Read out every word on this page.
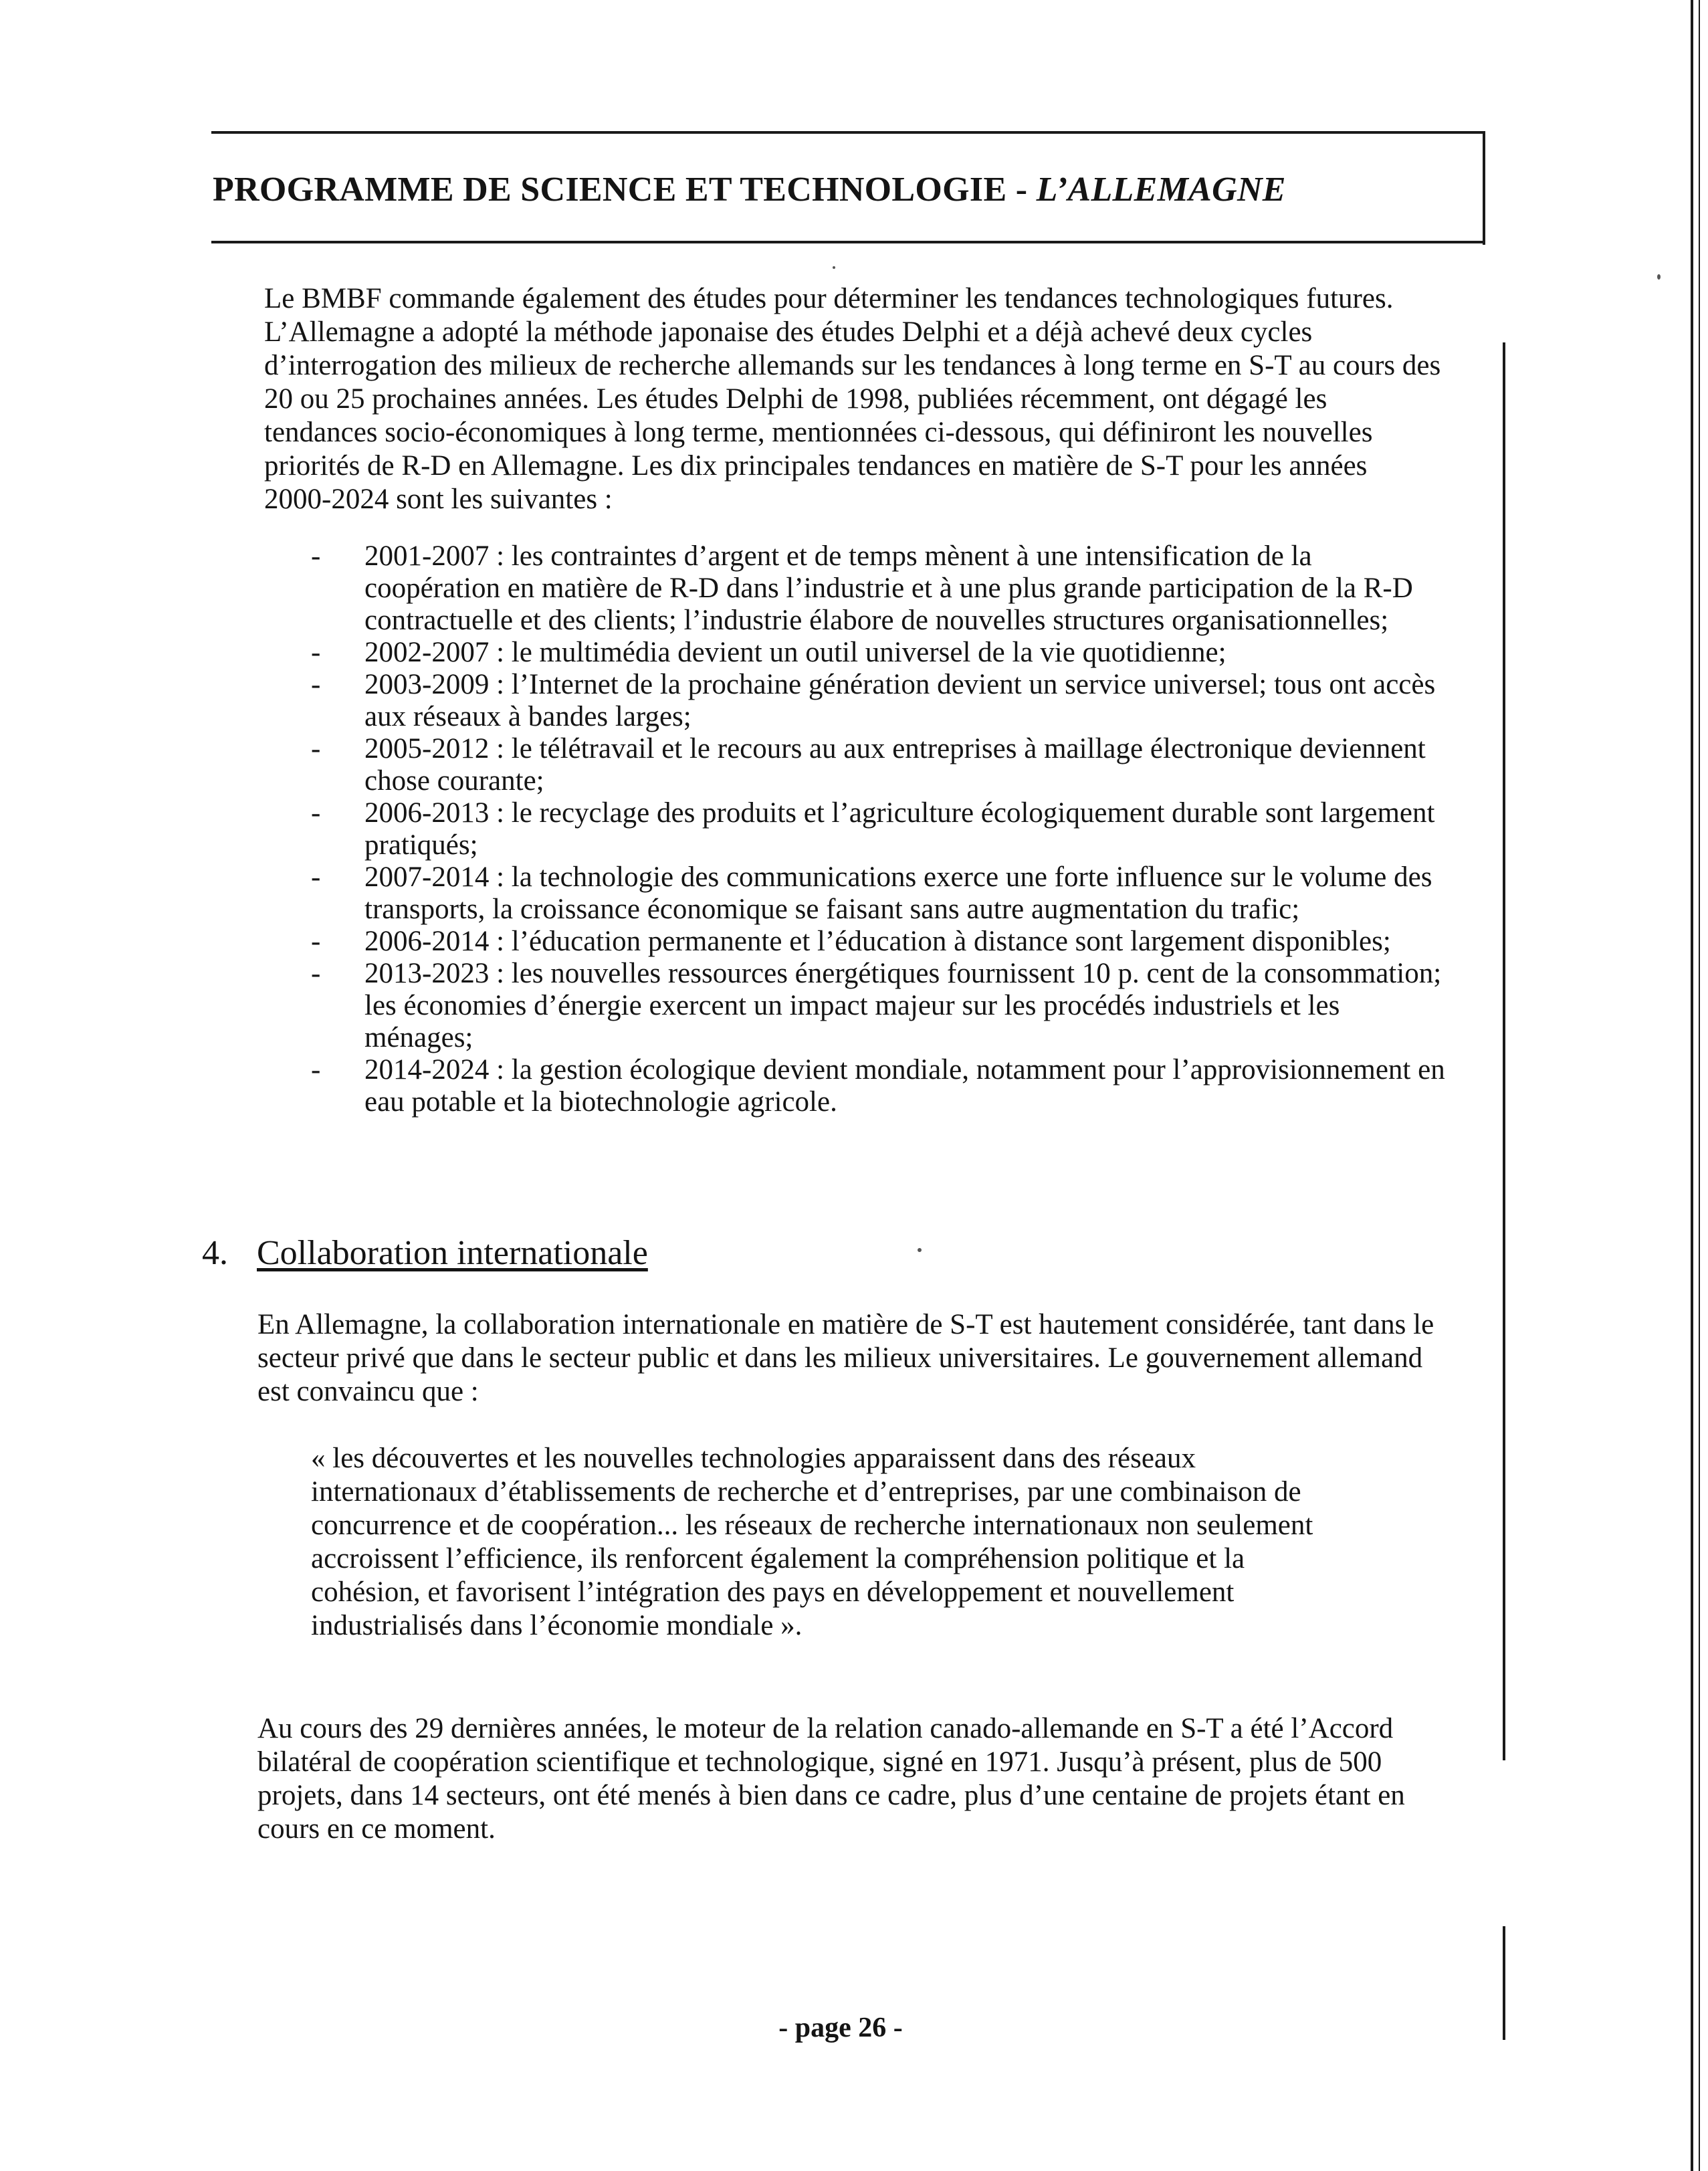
PROGRAMME DE SCIENCE ET TECHNOLOGIE - L’ALLEMAGNE

Le BMBF commande également des études pour déterminer les tendances technologiques futures. L’Allemagne a adopté la méthode japonaise des études Delphi et a déjà achevé deux cycles d’interrogation des milieux de recherche allemands sur les tendances à long terme en S-T au cours des 20 ou 25 prochaines années. Les études Delphi de 1998, publiées récemment, ont dégagé les tendances socio-économiques à long terme, mentionnées ci-dessous, qui définiront les nouvelles priorités de R-D en Allemagne. Les dix principales tendances en matière de S-T pour les années 2000-2024 sont les suivantes :

- 2001-2007 : les contraintes d’argent et de temps mènent à une intensification de la coopération en matière de R-D dans l’industrie et à une plus grande participation de la R-D contractuelle et des clients; l’industrie élabore de nouvelles structures organisationnelles;
- 2002-2007 : le multimédia devient un outil universel de la vie quotidienne;
- 2003-2009 : l’Internet de la prochaine génération devient un service universel; tous ont accès aux réseaux à bandes larges;
- 2005-2012 : le télétravail et le recours au aux entreprises à maillage électronique deviennent chose courante;
- 2006-2013 : le recyclage des produits et l’agriculture écologiquement durable sont largement pratiqués;
- 2007-2014 : la technologie des communications exerce une forte influence sur le volume des transports, la croissance économique se faisant sans autre augmentation du trafic;
- 2006-2014 : l’éducation permanente et l’éducation à distance sont largement disponibles;
- 2013-2023 : les nouvelles ressources énergétiques fournissent 10 p. cent de la consommation; les économies d’énergie exercent un impact majeur sur les procédés industriels et les ménages;
- 2014-2024 : la gestion écologique devient mondiale, notamment pour l’approvisionnement en eau potable et la biotechnologie agricole.
4. Collaboration internationale

En Allemagne, la collaboration internationale en matière de S-T est hautement considérée, tant dans le secteur privé que dans le secteur public et dans les milieux universitaires. Le gouvernement allemand est convaincu que :

« les découvertes et les nouvelles technologies apparaissent dans des réseaux internationaux d’établissements de recherche et d’entreprises, par une combinaison de concurrence et de coopération... les réseaux de recherche internationaux non seulement accroissent l’efficience, ils renforcent également la compréhension politique et la cohésion, et favorisent l’intégration des pays en développement et nouvellement industrialisés dans l’économie mondiale ».

Au cours des 29 dernières années, le moteur de la relation canado-allemande en S-T a été l’Accord bilatéral de coopération scientifique et technologique, signé en 1971. Jusqu’à présent, plus de 500 projets, dans 14 secteurs, ont été menés à bien dans ce cadre, plus d’une centaine de projets étant en cours en ce moment.

- page 26 -
